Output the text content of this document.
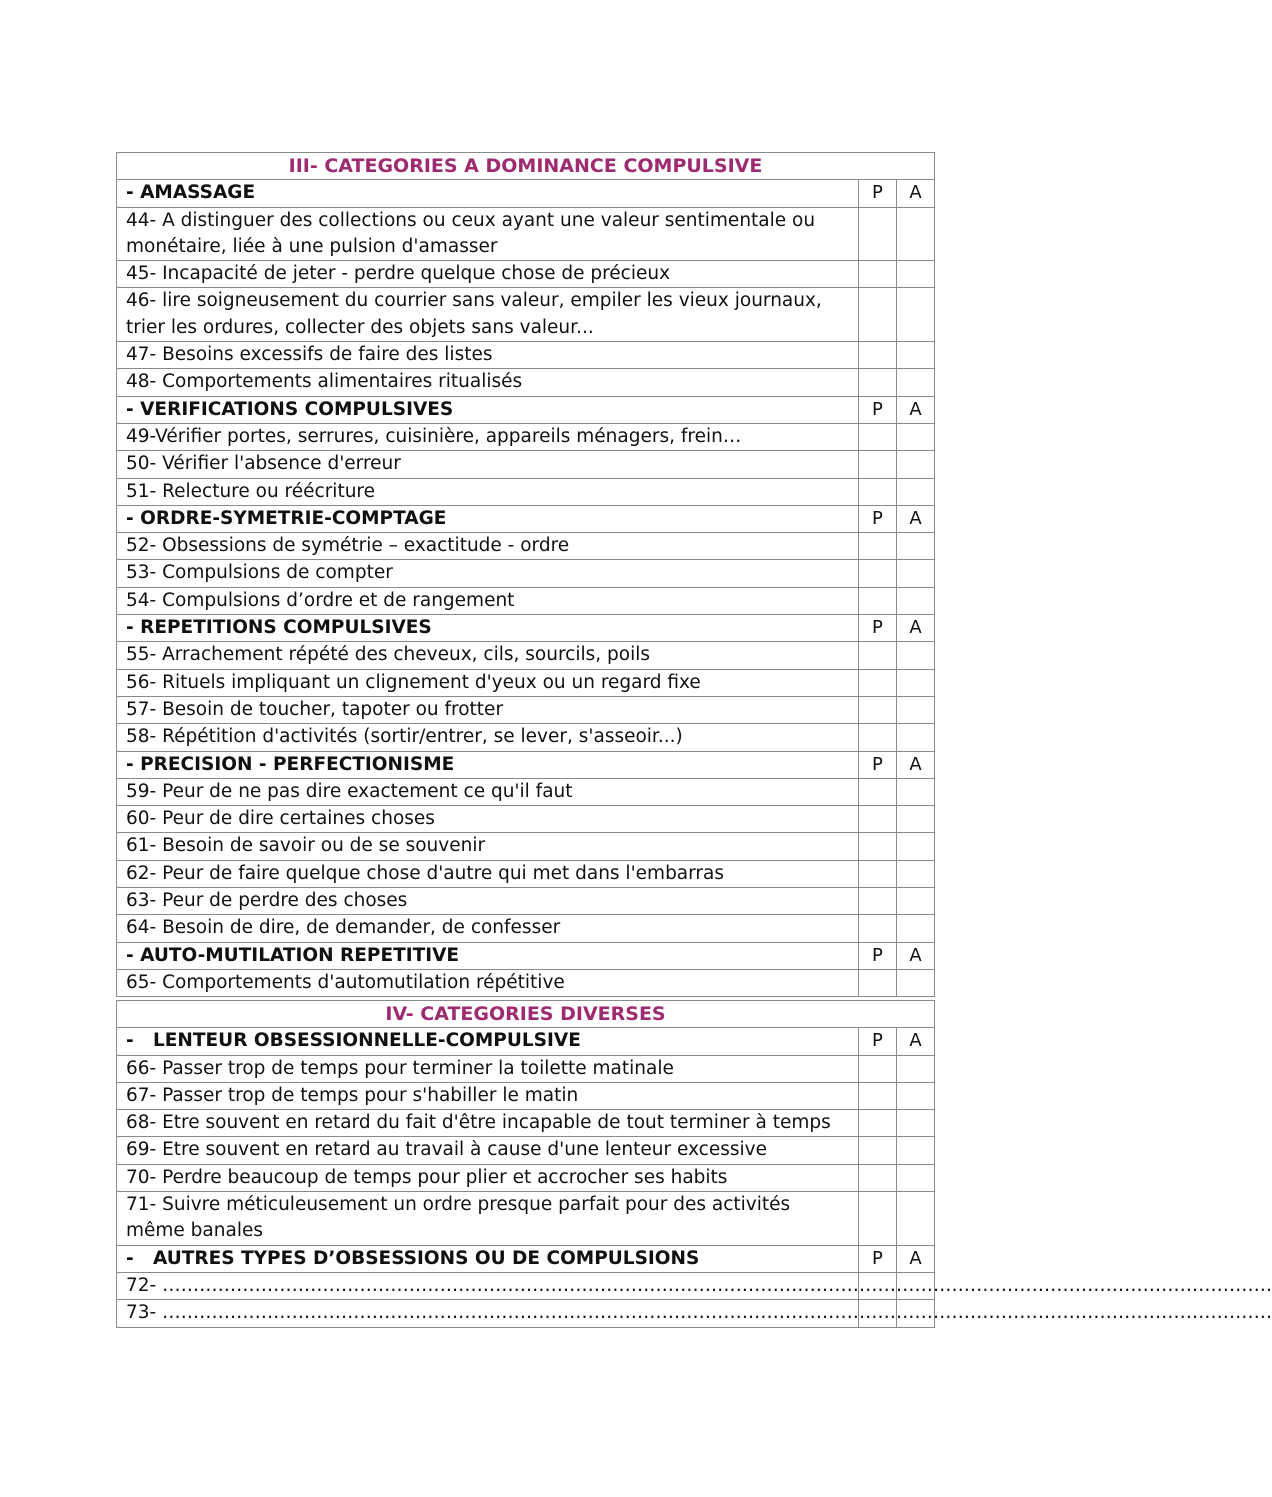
III- CATEGORIES A DOMINANCE COMPULSIVE		
- AMASSAGE	P	A
44- A distinguer des collections ou ceux ayant une valeur sentimentale ou monétaire, liée à une pulsion d'amasser		
45- Incapacité de jeter - perdre quelque chose de précieux		
46- lire soigneusement du courrier sans valeur, empiler les vieux journaux, trier les ordures, collecter des objets sans valeur...		
47- Besoins excessifs de faire des listes		
48- Comportements alimentaires ritualisés		
- VERIFICATIONS COMPULSIVES	P	A
49-Vérifier portes, serrures, cuisinière, appareils ménagers, frein…		
50- Vérifier l'absence d'erreur		
51- Relecture ou réécriture		
- ORDRE-SYMETRIE-COMPTAGE	P	A
52- Obsessions de symétrie – exactitude - ordre		
53- Compulsions de compter		
54- Compulsions d’ordre et de rangement		
- REPETITIONS COMPULSIVES	P	A
55- Arrachement répété des cheveux, cils, sourcils, poils		
56- Rituels impliquant un clignement d'yeux ou un regard fixe		
57- Besoin de toucher, tapoter ou frotter		
58- Répétition d'activités (sortir/entrer, se lever, s'asseoir...)		
- PRECISION - PERFECTIONISME	P	A
59- Peur de ne pas dire exactement ce qu'il faut		
60- Peur de dire certaines choses		
61- Besoin de savoir ou de se souvenir		
62- Peur de faire quelque chose d'autre qui met dans l'embarras		
63- Peur de perdre des choses		
64- Besoin de dire, de demander, de confesser		
- AUTO-MUTILATION REPETITIVE	P	A
65- Comportements d'automutilation répétitive		
IV- CATEGORIES DIVERSES		
-   LENTEUR OBSESSIONNELLE-COMPULSIVE	P	A
66- Passer trop de temps pour terminer la toilette matinale		
67- Passer trop de temps pour s'habiller le matin		
68- Etre souvent en retard du fait d'être incapable de tout terminer à temps		
69- Etre souvent en retard au travail à cause d'une lenteur excessive		
70- Perdre beaucoup de temps pour plier et accrocher ses habits		
71- Suivre méticuleusement un ordre presque parfait pour des activités même banales		
-   AUTRES TYPES D’OBSESSIONS OU DE COMPULSIONS	P	A
72- ………………………………………………………………………………………………………………………………………………………………		
73- ………………………………………………………………………………………………………………………………………………………………		
